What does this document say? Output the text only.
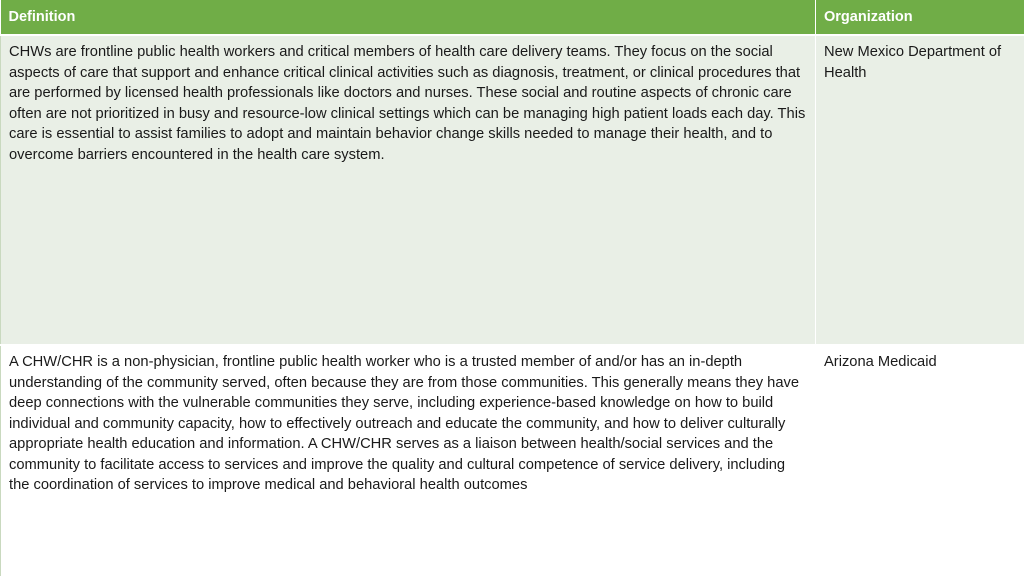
Definition	Organization
CHWs are frontline public health workers and critical members of health care delivery teams. They focus on the social aspects of care that support and enhance critical clinical activities such as diagnosis, treatment, or clinical procedures that are performed by licensed health professionals like doctors and nurses. These social and routine aspects of chronic care often are not prioritized in busy and resource-low clinical settings which can be managing high patient loads each day. This care is essential to assist families to adopt and maintain behavior change skills needed to manage their health, and to overcome barriers encountered in the health care system.	New Mexico Department of Health
A CHW/CHR is a non-physician, frontline public health worker who is a trusted member of and/or has an in-depth understanding of the community served, often because they are from those communities. This generally means they have deep connections with the vulnerable communities they serve, including experience-based knowledge on how to build individual and community capacity, how to effectively outreach and educate the community, and how to deliver culturally appropriate health education and information. A CHW/CHR serves as a liaison between health/social services and the community to facilitate access to services and improve the quality and cultural competence of service delivery, including the coordination of services to improve medical and behavioral health outcomes	Arizona Medicaid
